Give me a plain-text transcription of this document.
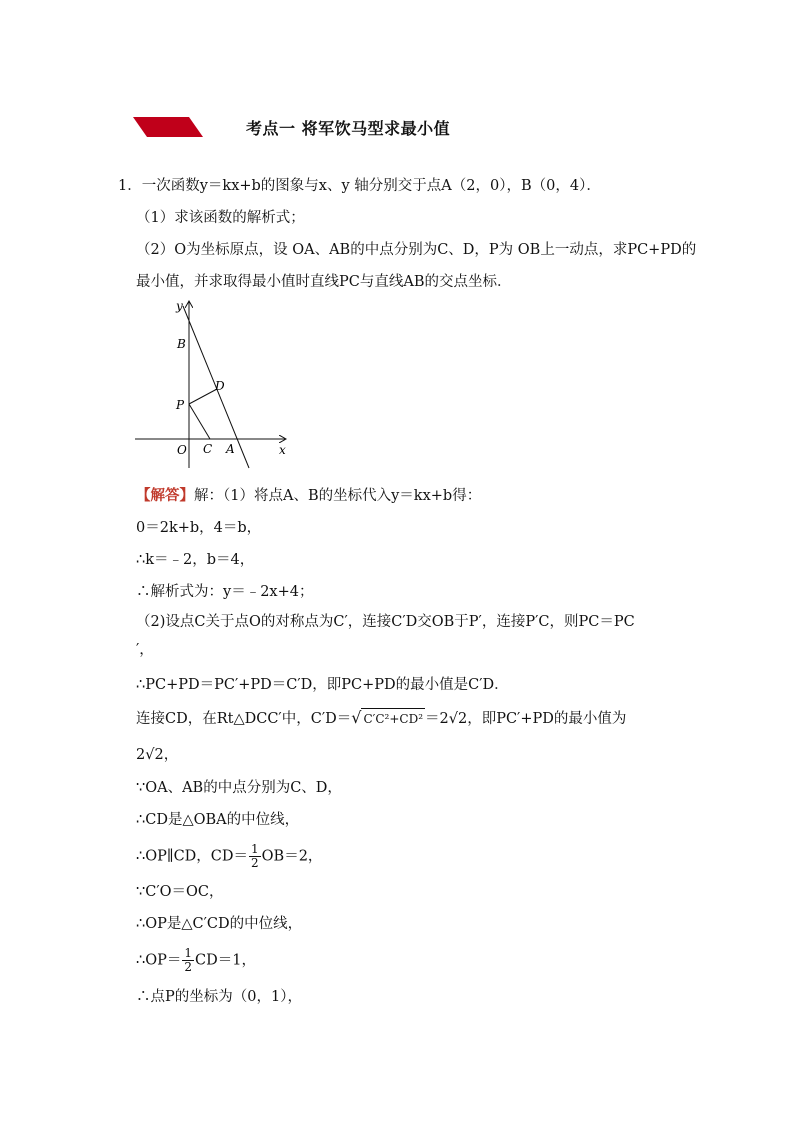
考点一 将军饮马型求最小值
1．一次函数y＝kx+b的图象与x、y 轴分别交于点A（2，0），B（0，4）．
（1）求该函数的解析式；
（2）O为坐标原点，设 OA、AB的中点分别为C、D，P为 OB上一动点，求PC+PD的
最小值，并求取得最小值时直线PC与直线AB的交点坐标．
y
B
D
P
O C A	x
【解答】解：（1）将点A、B的坐标代入y＝kx+b得：
0＝2k+b，4＝b，
∴k＝﹣2，b＝4，
∴解析式为：y＝﹣2x+4；
（2)设点C关于点O的对称点为C′，连接C′D交OB于P′，连接P′C，则PC＝PC
′，
∴PC+PD＝PC′+PD＝C′D，即PC+PD的最小值是C′D．
连接CD，在Rt△DCC′中，C′D＝√ C′C²+CD² ＝2√2，即PC′+PD的最小值为
2√2，
∵OA、AB的中点分别为C、D，
∴CD是△OBA的中位线，
∴OP∥CD，$CD= \frac{1}{2} OB=2$，
∵C′O＝OC，
∴OP是△C′CD的中位线，
∴OP＝ $\frac{1}{2} CD=1$，
∴点P的坐标为（0，1），
